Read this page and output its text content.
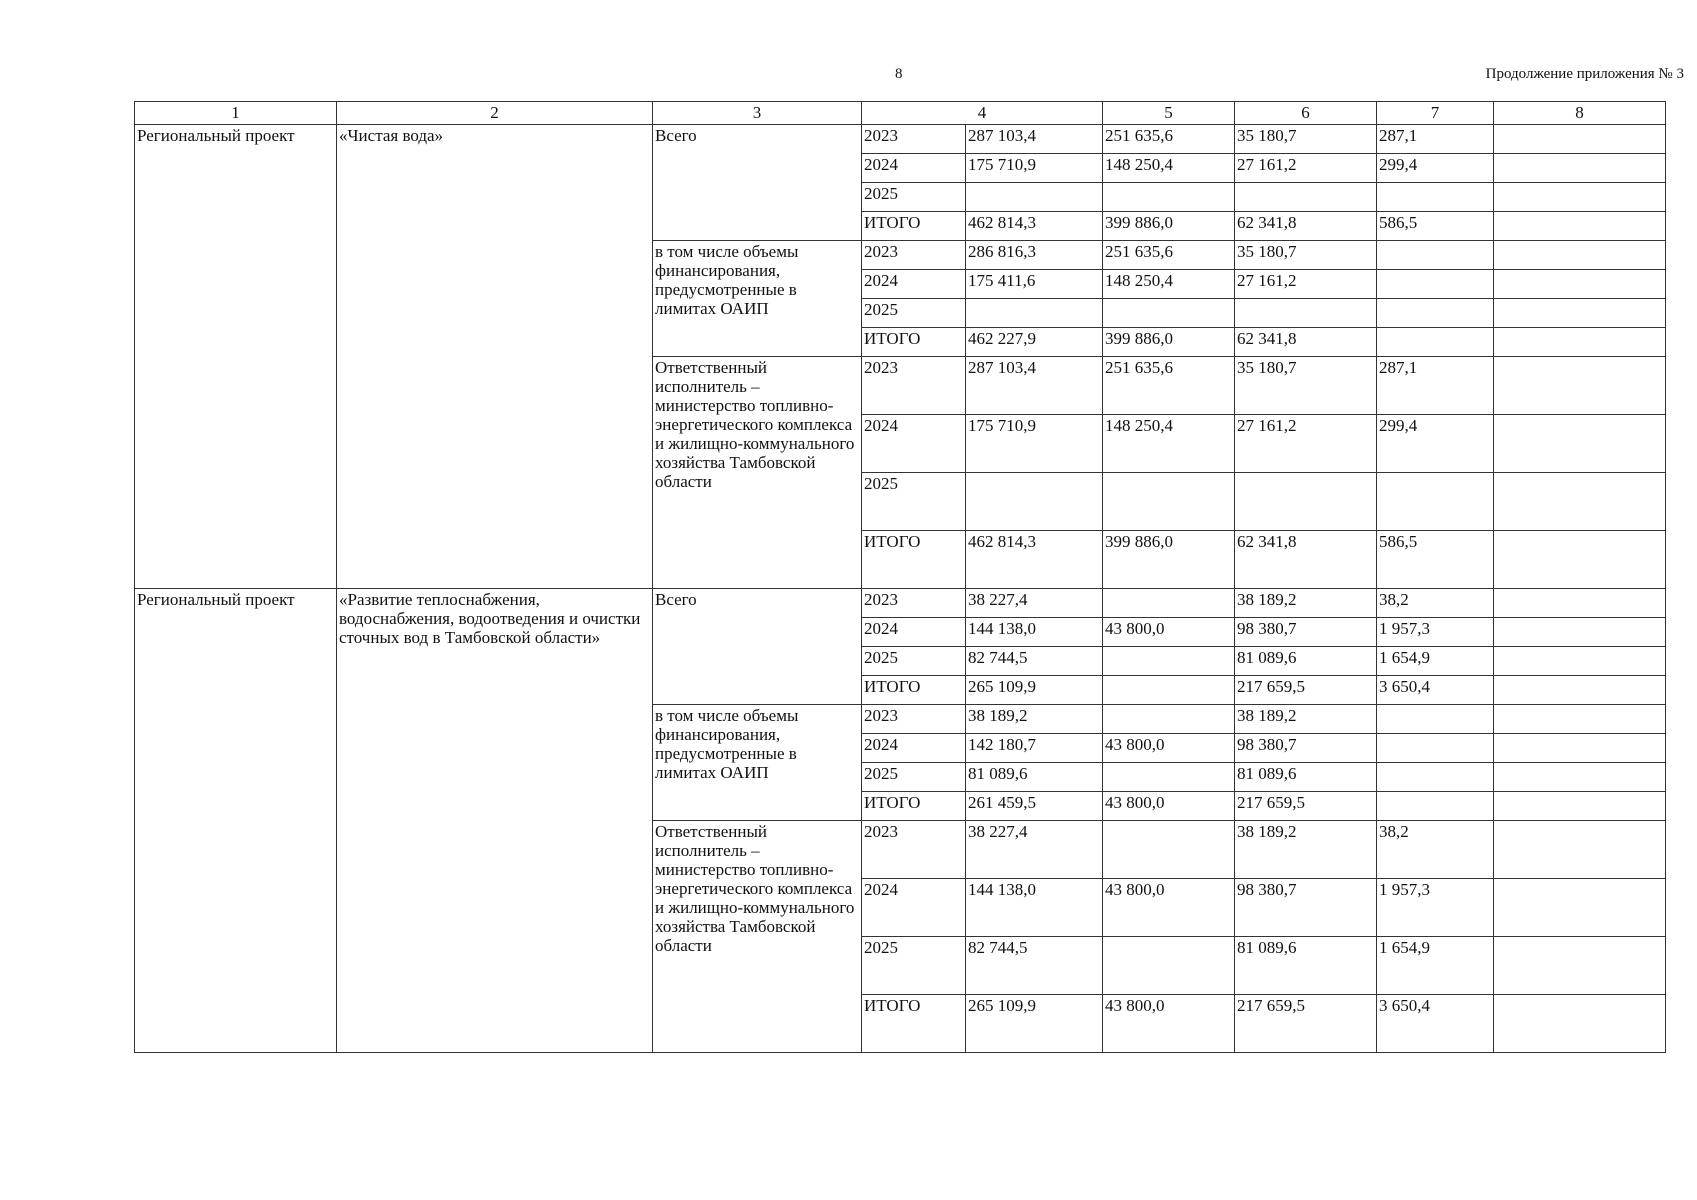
8	Продолжение приложения № 3
1	2	3	4		5	6	7	8
Региональный проект	«Чистая вода»	Всего	2023	287 103,4	251 635,6	35 180,7	287,1	
			2024	175 710,9	148 250,4	27 161,2	299,4	
			2025					
			ИТОГО	462 814,3	399 886,0	62 341,8	586,5	
		в том числе объемы финансирования, предусмотренные в лимитах ОАИП	2023	286 816,3	251 635,6	35 180,7		
			2024	175 411,6	148 250,4	27 161,2		
			2025					
			ИТОГО	462 227,9	399 886,0	62 341,8		
		Ответственный исполнитель – министерство топливно-энергетического комплекса и жилищно-коммунального хозяйства Тамбовской области	2023	287 103,4	251 635,6	35 180,7	287,1	
			2024	175 710,9	148 250,4	27 161,2	299,4	
			2025					
			ИТОГО	462 814,3	399 886,0	62 341,8	586,5	
Региональный проект	«Развитие теплоснабжения, водоснабжения, водоотведения и очистки сточных вод в Тамбовской области»	Всего	2023	38 227,4		38 189,2	38,2	
			2024	144 138,0	43 800,0	98 380,7	1 957,3	
			2025	82 744,5		81 089,6	1 654,9	
			ИТОГО	265 109,9		217 659,5	3 650,4	
		в том числе объемы финансирования, предусмотренные в лимитах ОАИП	2023	38 189,2		38 189,2		
			2024	142 180,7	43 800,0	98 380,7		
			2025	81 089,6		81 089,6		
			ИТОГО	261 459,5	43 800,0	217 659,5		
		Ответственный исполнитель – министерство топливно-энергетического комплекса и жилищно-коммунального хозяйства Тамбовской области	2023	38 227,4		38 189,2	38,2	
			2024	144 138,0	43 800,0	98 380,7	1 957,3	
			2025	82 744,5		81 089,6	1 654,9	
			ИТОГО	265 109,9	43 800,0	217 659,5	3 650,4	
